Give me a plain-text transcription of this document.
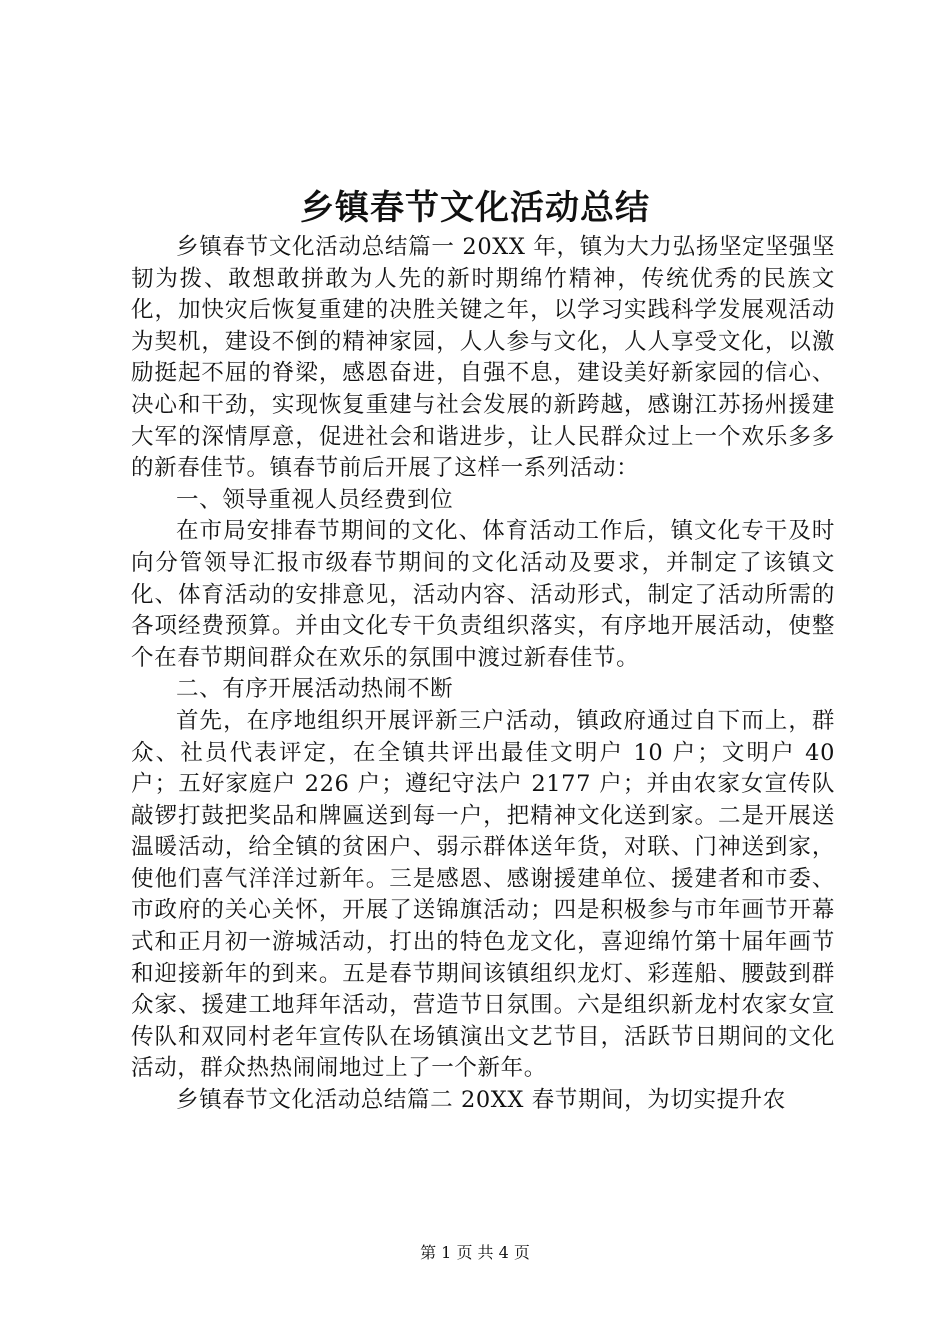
乡镇春节文化活动总结

乡镇春节文化活动总结篇一 20XX 年，镇为大力弘扬坚定坚强坚韧为拨、敢想敢拼敢为人先的新时期绵竹精神，传统优秀的民族文化，加快灾后恢复重建的决胜关键之年，以学习实践科学发展观活动为契机，建设不倒的精神家园，人人参与文化，人人享受文化，以激励挺起不屈的脊梁，感恩奋进，自强不息，建设美好新家园的信心、决心和干劲，实现恢复重建与社会发展的新跨越，感谢江苏扬州援建大军的深情厚意，促进社会和谐进步，让人民群众过上一个欢乐多多的新春佳节。镇春节前后开展了这样一系列活动：

一、领导重视人员经费到位

在市局安排春节期间的文化、体育活动工作后，镇文化专干及时向分管领导汇报市级春节期间的文化活动及要求，并制定了该镇文化、体育活动的安排意见，活动内容、活动形式，制定了活动所需的各项经费预算。并由文化专干负责组织落实，有序地开展活动，使整个在春节期间群众在欢乐的氛围中渡过新春佳节。

二、有序开展活动热闹不断

首先，在序地组织开展评新三户活动，镇政府通过自下而上，群众、社员代表评定，在全镇共评出最佳文明户 10 户；文明户 40 户；五好家庭户 226 户；遵纪守法户 2177 户；并由农家女宣传队敲锣打鼓把奖品和牌匾送到每一户，把精神文化送到家。二是开展送温暖活动，给全镇的贫困户、弱示群体送年货，对联、门神送到家，使他们喜气洋洋过新年。三是感恩、感谢援建单位、援建者和市委、市政府的关心关怀，开展了送锦旗活动；四是积极参与市年画节开幕式和正月初一游城活动，打出的特色龙文化，喜迎绵竹第十届年画节和迎接新年的到来。五是春节期间该镇组织龙灯、彩莲船、腰鼓到群众家、援建工地拜年活动，营造节日氛围。六是组织新龙村农家女宣传队和双同村老年宣传队在场镇演出文艺节目，活跃节日期间的文化活动，群众热热闹闹地过上了一个新年。

乡镇春节文化活动总结篇二 20XX 春节期间，为切实提升农

第 1 页 共 4 页
